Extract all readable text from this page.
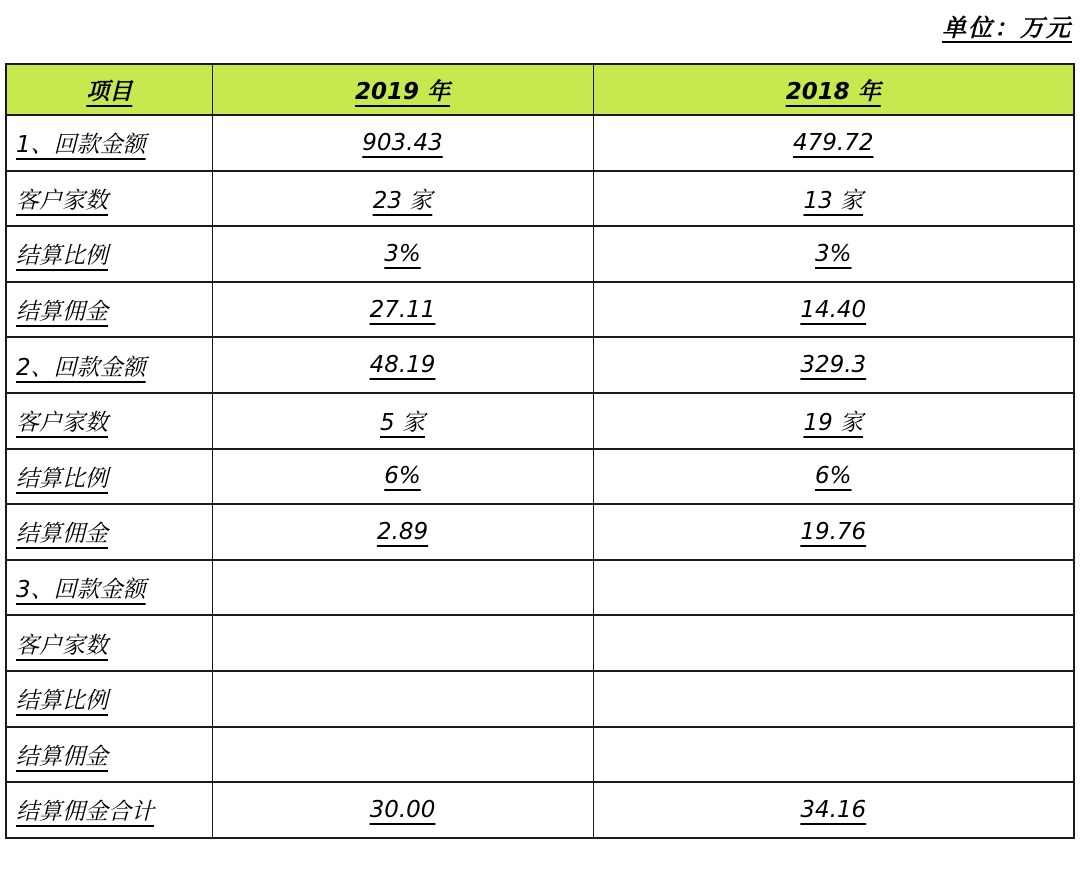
单位：万元
项目	2019 年	2018 年
1、回款金额	903.43	479.72
客户家数	23 家	13 家
结算比例	3%	3%
结算佣金	27.11	14.40
2、回款金额	48.19	329.3
客户家数	5 家	19 家
结算比例	6%	6%
结算佣金	2.89	19.76
3、回款金额		
客户家数		
结算比例		
结算佣金		
结算佣金合计	30.00	34.16
